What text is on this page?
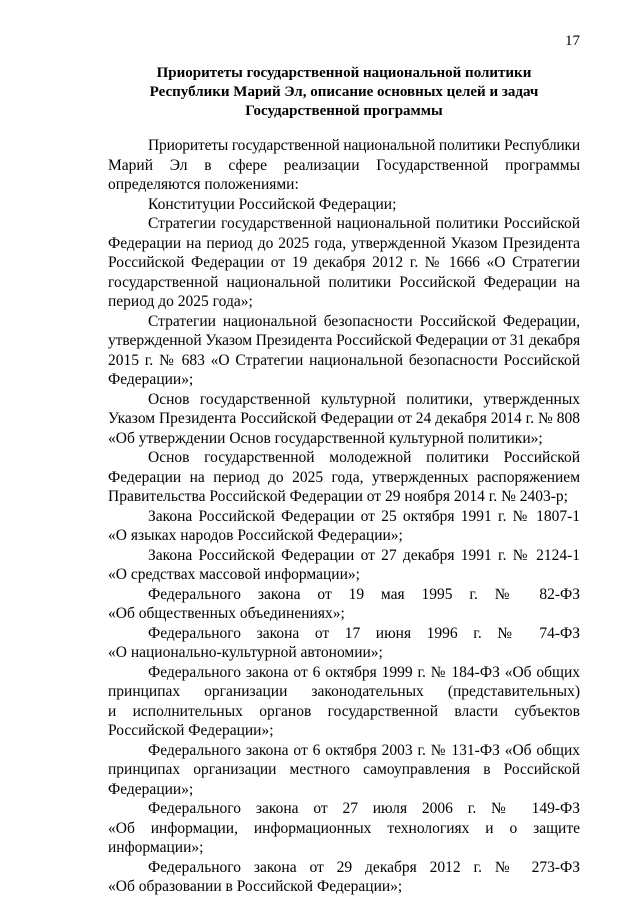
17
Приоритеты государственной национальной политики
Республики Марий Эл, описание основных целей и задач
Государственной программы
Приоритеты государственной национальной политики Республики
Марий Эл в сфере реализации Государственной программы
определяются положениями:
Конституции Российской Федерации;
Стратегии государственной национальной политики Российской
Федерации на период до 2025 года, утвержденной Указом Президента
Российской Федерации от 19 декабря 2012 г. № 1666 «О Стратегии
государственной национальной политики Российской Федерации на
период до 2025 года»;
Стратегии национальной безопасности Российской Федерации,
утвержденной Указом Президента Российской Федерации от 31 декабря
2015 г. № 683 «О Стратегии национальной безопасности Российской
Федерации»;
Основ государственной культурной политики, утвержденных
Указом Президента Российской Федерации от 24 декабря 2014 г. № 808
«Об утверждении Основ государственной культурной политики»;
Основ государственной молодежной политики Российской
Федерации на период до 2025 года, утвержденных распоряжением
Правительства Российской Федерации от 29 ноября 2014 г. № 2403-р;
Закона Российской Федерации от 25 октября 1991 г. № 1807-1
«О языках народов Российской Федерации»;
Закона Российской Федерации от 27 декабря 1991 г. № 2124-1
«О средствах массовой информации»;
Федерального закона от 19 мая 1995 г. № 82-ФЗ
«Об общественных объединениях»;
Федерального закона от 17 июня 1996 г. № 74-ФЗ
«О национально-культурной автономии»;
Федерального закона от 6 октября 1999 г. № 184-ФЗ «Об общих
принципах организации законодательных (представительных)
и исполнительных органов государственной власти субъектов
Российской Федерации»;
Федерального закона от 6 октября 2003 г. № 131-ФЗ «Об общих
принципах организации местного самоуправления в Российской
Федерации»;
Федерального закона от 27 июля 2006 г. № 149-ФЗ
«Об информации, информационных технологиях и о защите
информации»;
Федерального закона от 29 декабря 2012 г. № 273-ФЗ
«Об образовании в Российской Федерации»;
